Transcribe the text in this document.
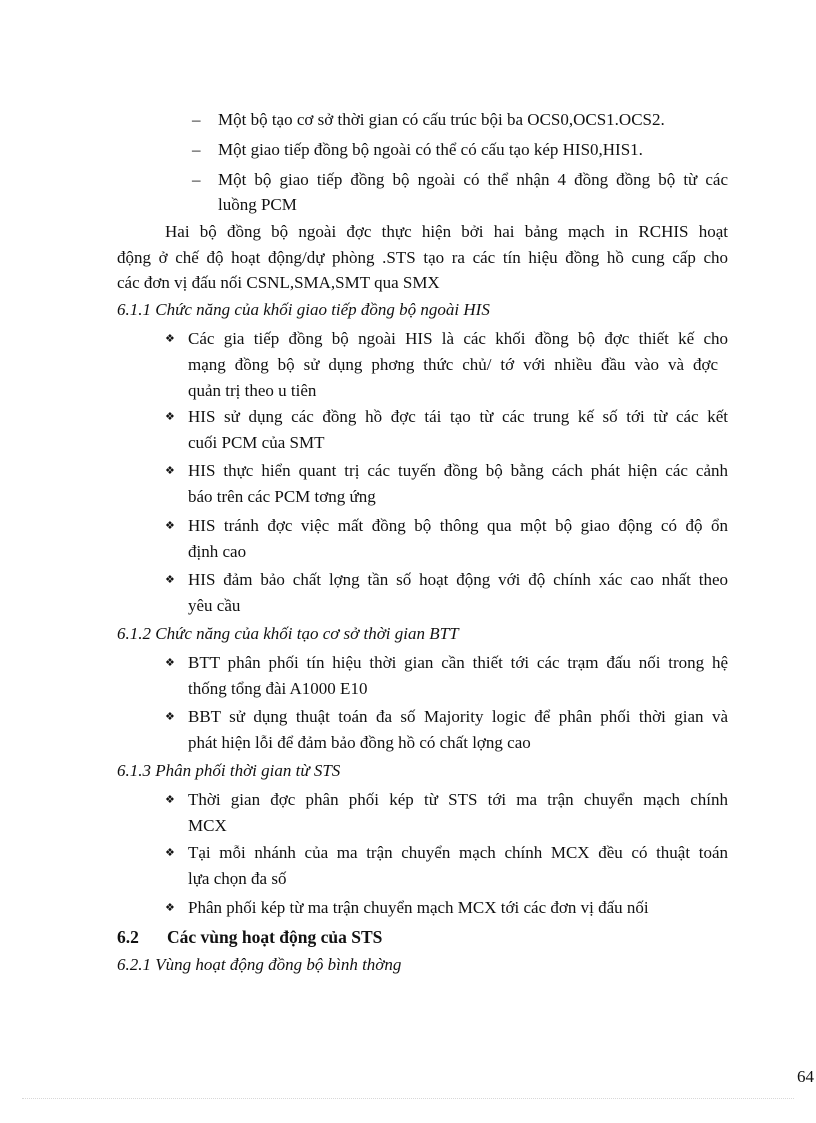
– Một bộ tạo cơ sở thời gian có cấu trúc bội ba OCS0,OCS1.OCS2.
– Một giao tiếp đồng bộ ngoài có thể có cấu tạo kép HIS0,HIS1.
– Một bộ giao tiếp đồng bộ ngoài có thể nhận 4 đồng đồng bộ từ các
luồng PCM
Hai bộ đồng bộ ngoài đợc thực hiện bởi hai bảng mạch in RCHIS hoạt
động ở chế độ hoạt động/dự phòng .STS tạo ra các tín hiệu đồng hồ cung cấp cho
các đơn vị đấu nối CSNL,SMA,SMT qua SMX
6.1.1 Chức năng của khối giao tiếp đồng bộ ngoài HIS
❖ Các gia tiếp đồng bộ ngoài HIS là các khối đồng bộ đợc thiết kế cho
mạng đồng bộ sử dụng phơng thức chủ/ tớ với nhiều đầu vào và đợc
quản trị theo u tiên
❖ HIS sử dụng các đồng hồ đợc tái tạo từ các trung kế số tới từ các kết
cuối PCM của SMT
❖ HIS thực hiển quant trị các tuyến đồng bộ bằng cách phát hiện các cảnh
báo trên các PCM tơng ứng
❖ HIS tránh đợc việc mất đồng bộ thông qua một bộ giao động có độ ổn
định cao
❖ HIS đảm bảo chất lợng tần số hoạt động với độ chính xác cao nhất theo
yêu cầu
6.1.2 Chức năng của khối tạo cơ sở thời gian BTT
❖ BTT phân phối tín hiệu thời gian cần thiết tới các trạm đấu nối trong hệ
thống tổng đài A1000 E10
❖ BBT sử dụng thuật toán đa số Majority logic để phân phối thời gian và
phát hiện lỗi để đảm bảo đồng hồ có chất lợng cao
6.1.3 Phân phối thời gian từ STS
❖ Thời gian đợc phân phối kép từ STS tới ma trận chuyển mạch chính
MCX
❖ Tại mỗi nhánh của ma trận chuyển mạch chính MCX đều có thuật toán
lựa chọn đa số
❖ Phân phối kép từ ma trận chuyển mạch MCX tới các đơn vị đấu nối
6.2 Các vùng hoạt động của STS
6.2.1 Vùng hoạt động đồng bộ bình thờng
64
